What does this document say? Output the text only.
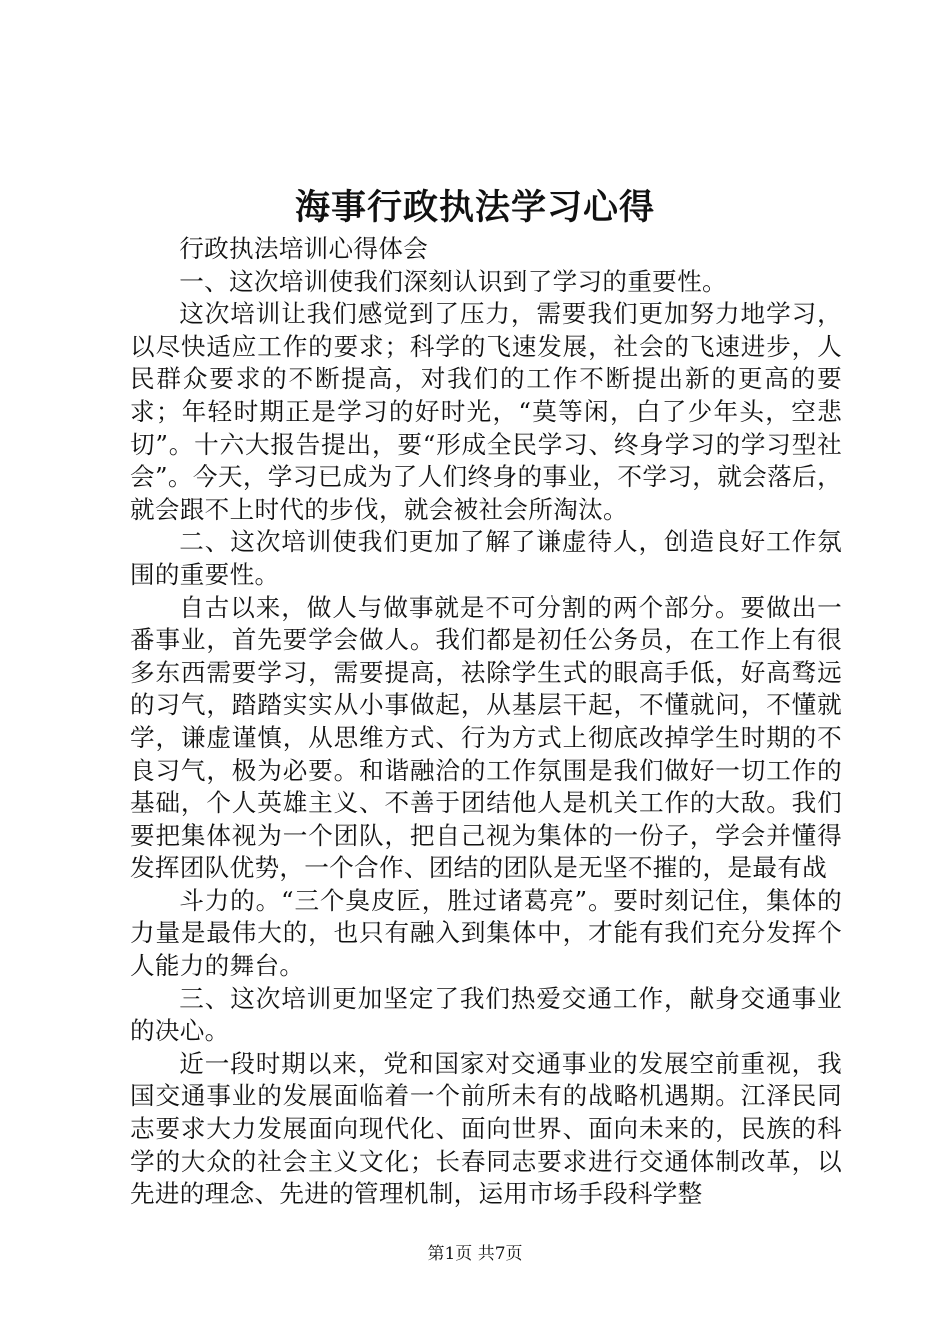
海事行政执法学习心得

行政执法培训心得体会

一、这次培训使我们深刻认识到了学习的重要性。

这次培训让我们感觉到了压力，需要我们更加努力地学习，以尽快适应工作的要求；科学的飞速发展，社会的飞速进步，人民群众要求的不断提高，对我们的工作不断提出新的更高的要求；年轻时期正是学习的好时光，“莫等闲，白了少年头，空悲切”。十六大报告提出，要“形成全民学习、终身学习的学习型社会”。今天，学习已成为了人们终身的事业，不学习，就会落后，就会跟不上时代的步伐，就会被社会所淘汰。

二、这次培训使我们更加了解了谦虚待人，创造良好工作氛围的重要性。

自古以来，做人与做事就是不可分割的两个部分。要做出一番事业，首先要学会做人。我们都是初任公务员，在工作上有很多东西需要学习，需要提高，祛除学生式的眼高手低，好高骛远的习气，踏踏实实从小事做起，从基层干起，不懂就问，不懂就学，谦虚谨慎，从思维方式、行为方式上彻底改掉学生时期的不良习气，极为必要。和谐融洽的工作氛围是我们做好一切工作的基础，个人英雄主义、不善于团结他人是机关工作的大敌。我们要把集体视为一个团队，把自己视为集体的一份子，学会并懂得发挥团队优势，一个合作、团结的团队是无坚不摧的，是最有战

斗力的。“三个臭皮匠，胜过诸葛亮”。要时刻记住，集体的力量是最伟大的，也只有融入到集体中，才能有我们充分发挥个人能力的舞台。

三、这次培训更加坚定了我们热爱交通工作，献身交通事业的决心。

近一段时期以来，党和国家对交通事业的发展空前重视，我国交通事业的发展面临着一个前所未有的战略机遇期。江泽民同志要求大力发展面向现代化、面向世界、面向未来的，民族的科学的大众的社会主义文化；长春同志要求进行交通体制改革，以先进的理念、先进的管理机制，运用市场手段科学整

第1页 共7页
